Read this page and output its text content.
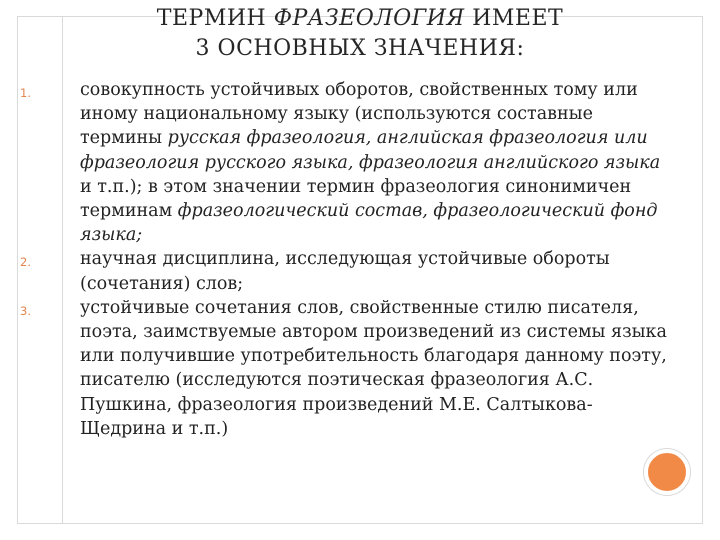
ТЕРМИН ФРАЗЕОЛОГИЯ ИМЕЕТ
3 ОСНОВНЫХ ЗНАЧЕНИЯ:
1.	совокупность устойчивых оборотов, свойственных тому или иному национальному языку (используются составные термины русская фразеология, английская фразеология или фразеология русского языка, фразеология английского языка и т.п.); в этом значении термин фразеология синонимичен терминам фразеологический состав, фразеологический фонд языка;
2.	научная дисциплина, исследующая устойчивые обороты (сочетания) слов;
3.	устойчивые сочетания слов, свойственные стилю писателя, поэта, заимствуемые автором произведений из системы языка или получившие употребительность благодаря данному поэту, писателю (исследуются поэтическая фразеология А.С. Пушкина, фразеология произведений М.Е. Салтыкова-Щедрина и т.п.)
